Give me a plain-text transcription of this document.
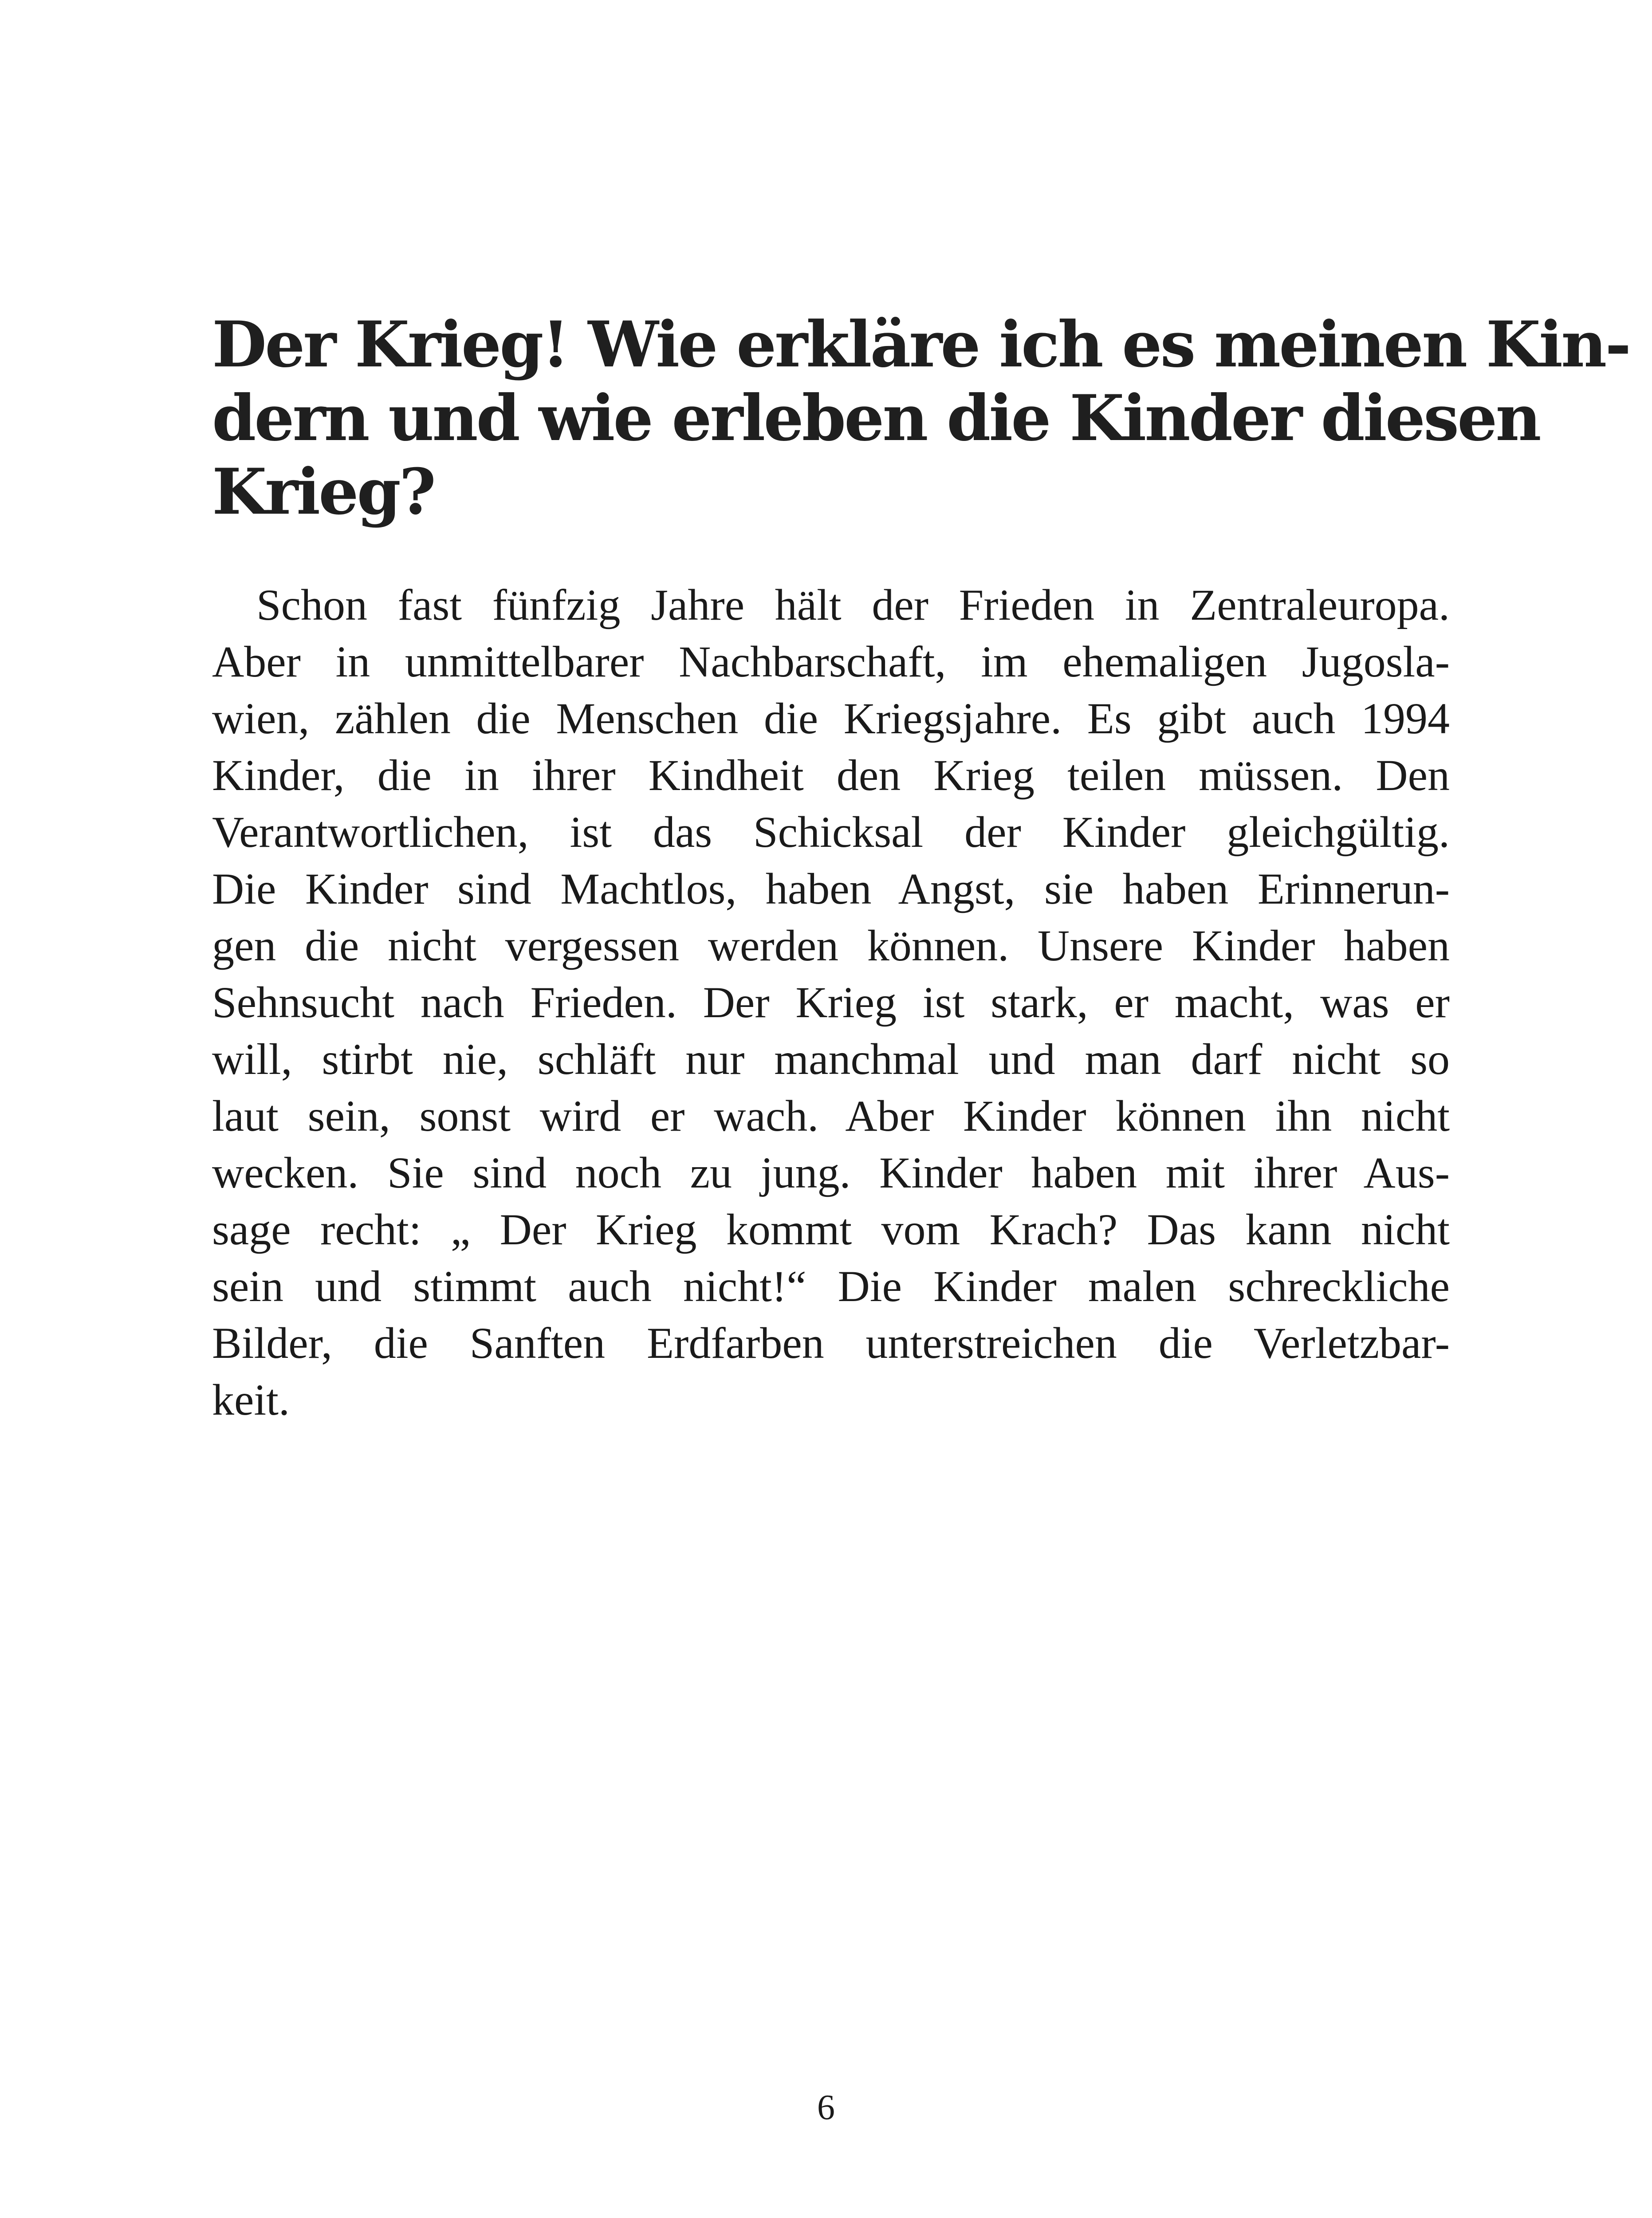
Der Krieg! Wie erkläre ich es meinen Kin-
dern und wie erleben die Kinder diesen
Krieg?
Schon fast fünfzig Jahre hält der Frieden in Zentraleuropa.
Aber in unmittelbarer Nachbarschaft, im ehemaligen Jugosla-
wien, zählen die Menschen die Kriegsjahre. Es gibt auch 1994
Kinder, die in ihrer Kindheit den Krieg teilen müssen. Den
Verantwortlichen, ist das Schicksal der Kinder gleichgültig.
Die Kinder sind Machtlos, haben Angst, sie haben Erinnerun-
gen die nicht vergessen werden können. Unsere Kinder haben
Sehnsucht nach Frieden. Der Krieg ist stark, er macht, was er
will, stirbt nie, schläft nur manchmal und man darf nicht so
laut sein, sonst wird er wach. Aber Kinder können ihn nicht
wecken. Sie sind noch zu jung. Kinder haben mit ihrer Aus-
sage recht: „ Der Krieg kommt vom Krach? Das kann nicht
sein und stimmt auch nicht!“ Die Kinder malen schreckliche
Bilder, die Sanften Erdfarben unterstreichen die Verletzbar-
keit.
6
